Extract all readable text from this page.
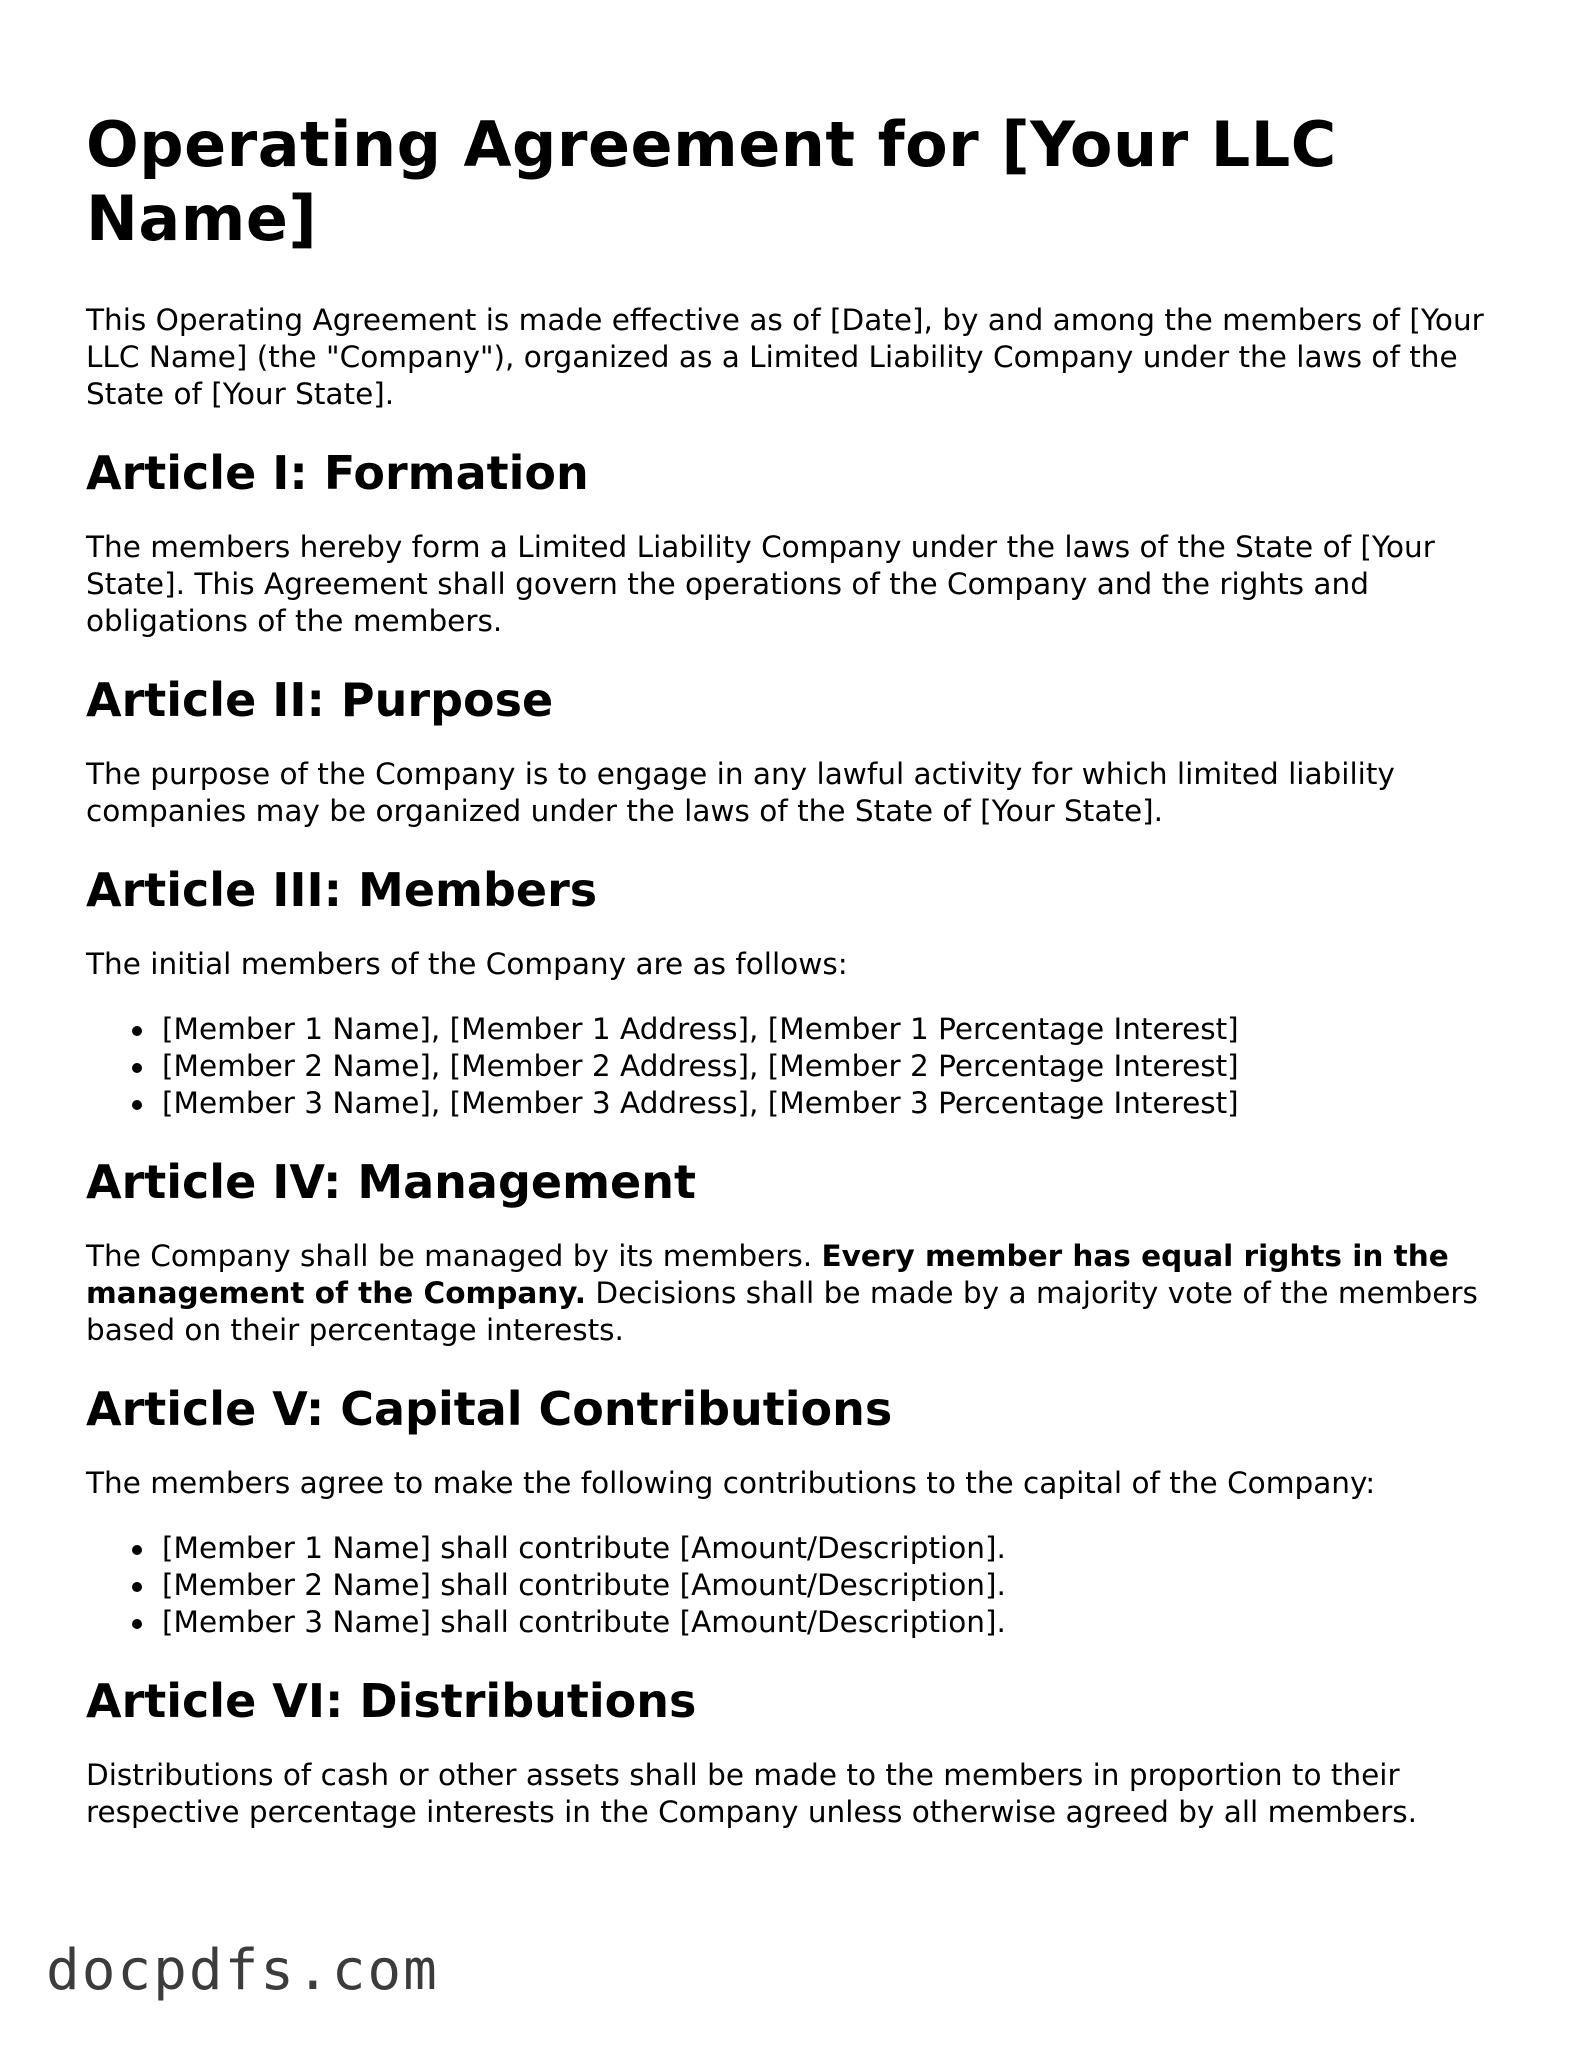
Operating Agreement for [Your LLC Name]

This Operating Agreement is made effective as of [Date], by and among the members of [Your LLC Name] (the "Company"), organized as a Limited Liability Company under the laws of the State of [Your State].

Article I: Formation

The members hereby form a Limited Liability Company under the laws of the State of [Your State]. This Agreement shall govern the operations of the Company and the rights and obligations of the members.

Article II: Purpose

The purpose of the Company is to engage in any lawful activity for which limited liability companies may be organized under the laws of the State of [Your State].

Article III: Members

The initial members of the Company are as follows:

[Member 1 Name], [Member 1 Address], [Member 1 Percentage Interest]
[Member 2 Name], [Member 2 Address], [Member 2 Percentage Interest]
[Member 3 Name], [Member 3 Address], [Member 3 Percentage Interest]
Article IV: Management

The Company shall be managed by its members. Every member has equal rights in the management of the Company. Decisions shall be made by a majority vote of the members based on their percentage interests.

Article V: Capital Contributions

The members agree to make the following contributions to the capital of the Company:

[Member 1 Name] shall contribute [Amount/Description].
[Member 2 Name] shall contribute [Amount/Description].
[Member 3 Name] shall contribute [Amount/Description].
Article VI: Distributions

Distributions of cash or other assets shall be made to the members in proportion to their respective percentage interests in the Company unless otherwise agreed by all members.

docpdfs.com
